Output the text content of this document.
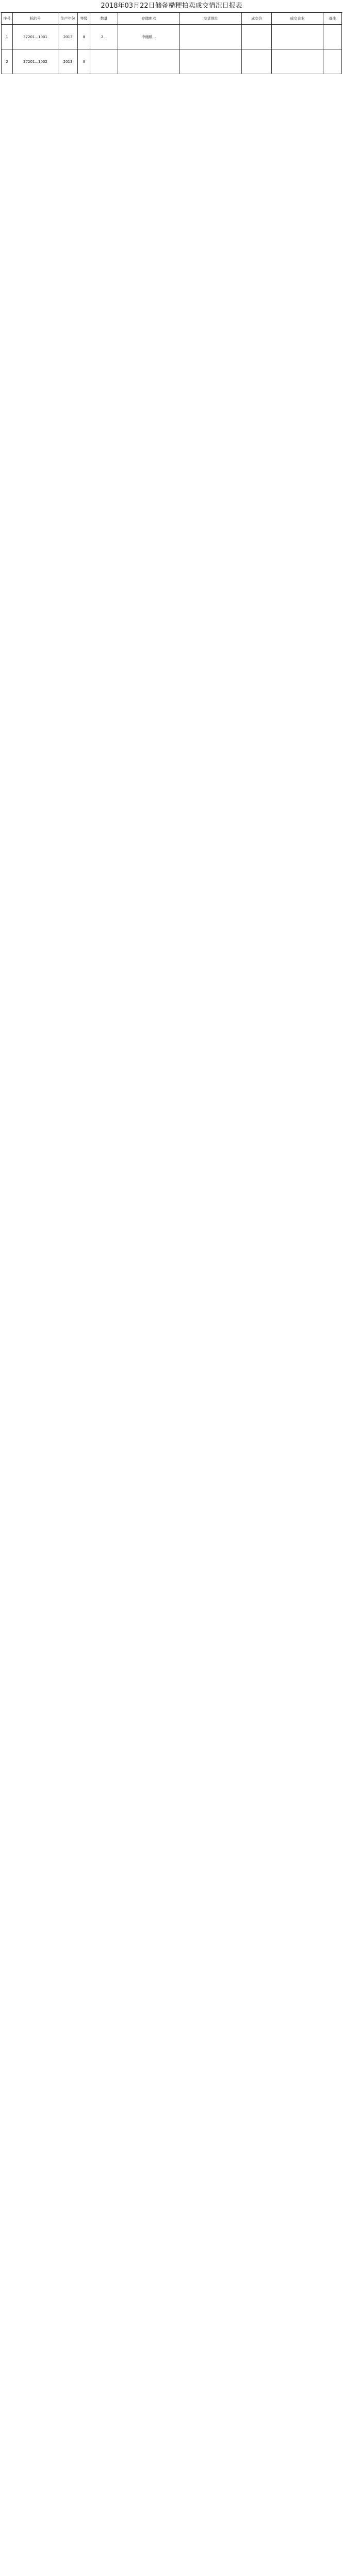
2018年03月22日储备糙粳拍卖成交情况日报表
序号	标的号	生产年份	等级	数量	存储库点	交货地址	成交价	成交企业	备注
1	37201...1001	2013	II	2...	中储粮...				
2	37201...1002	2013	II						
